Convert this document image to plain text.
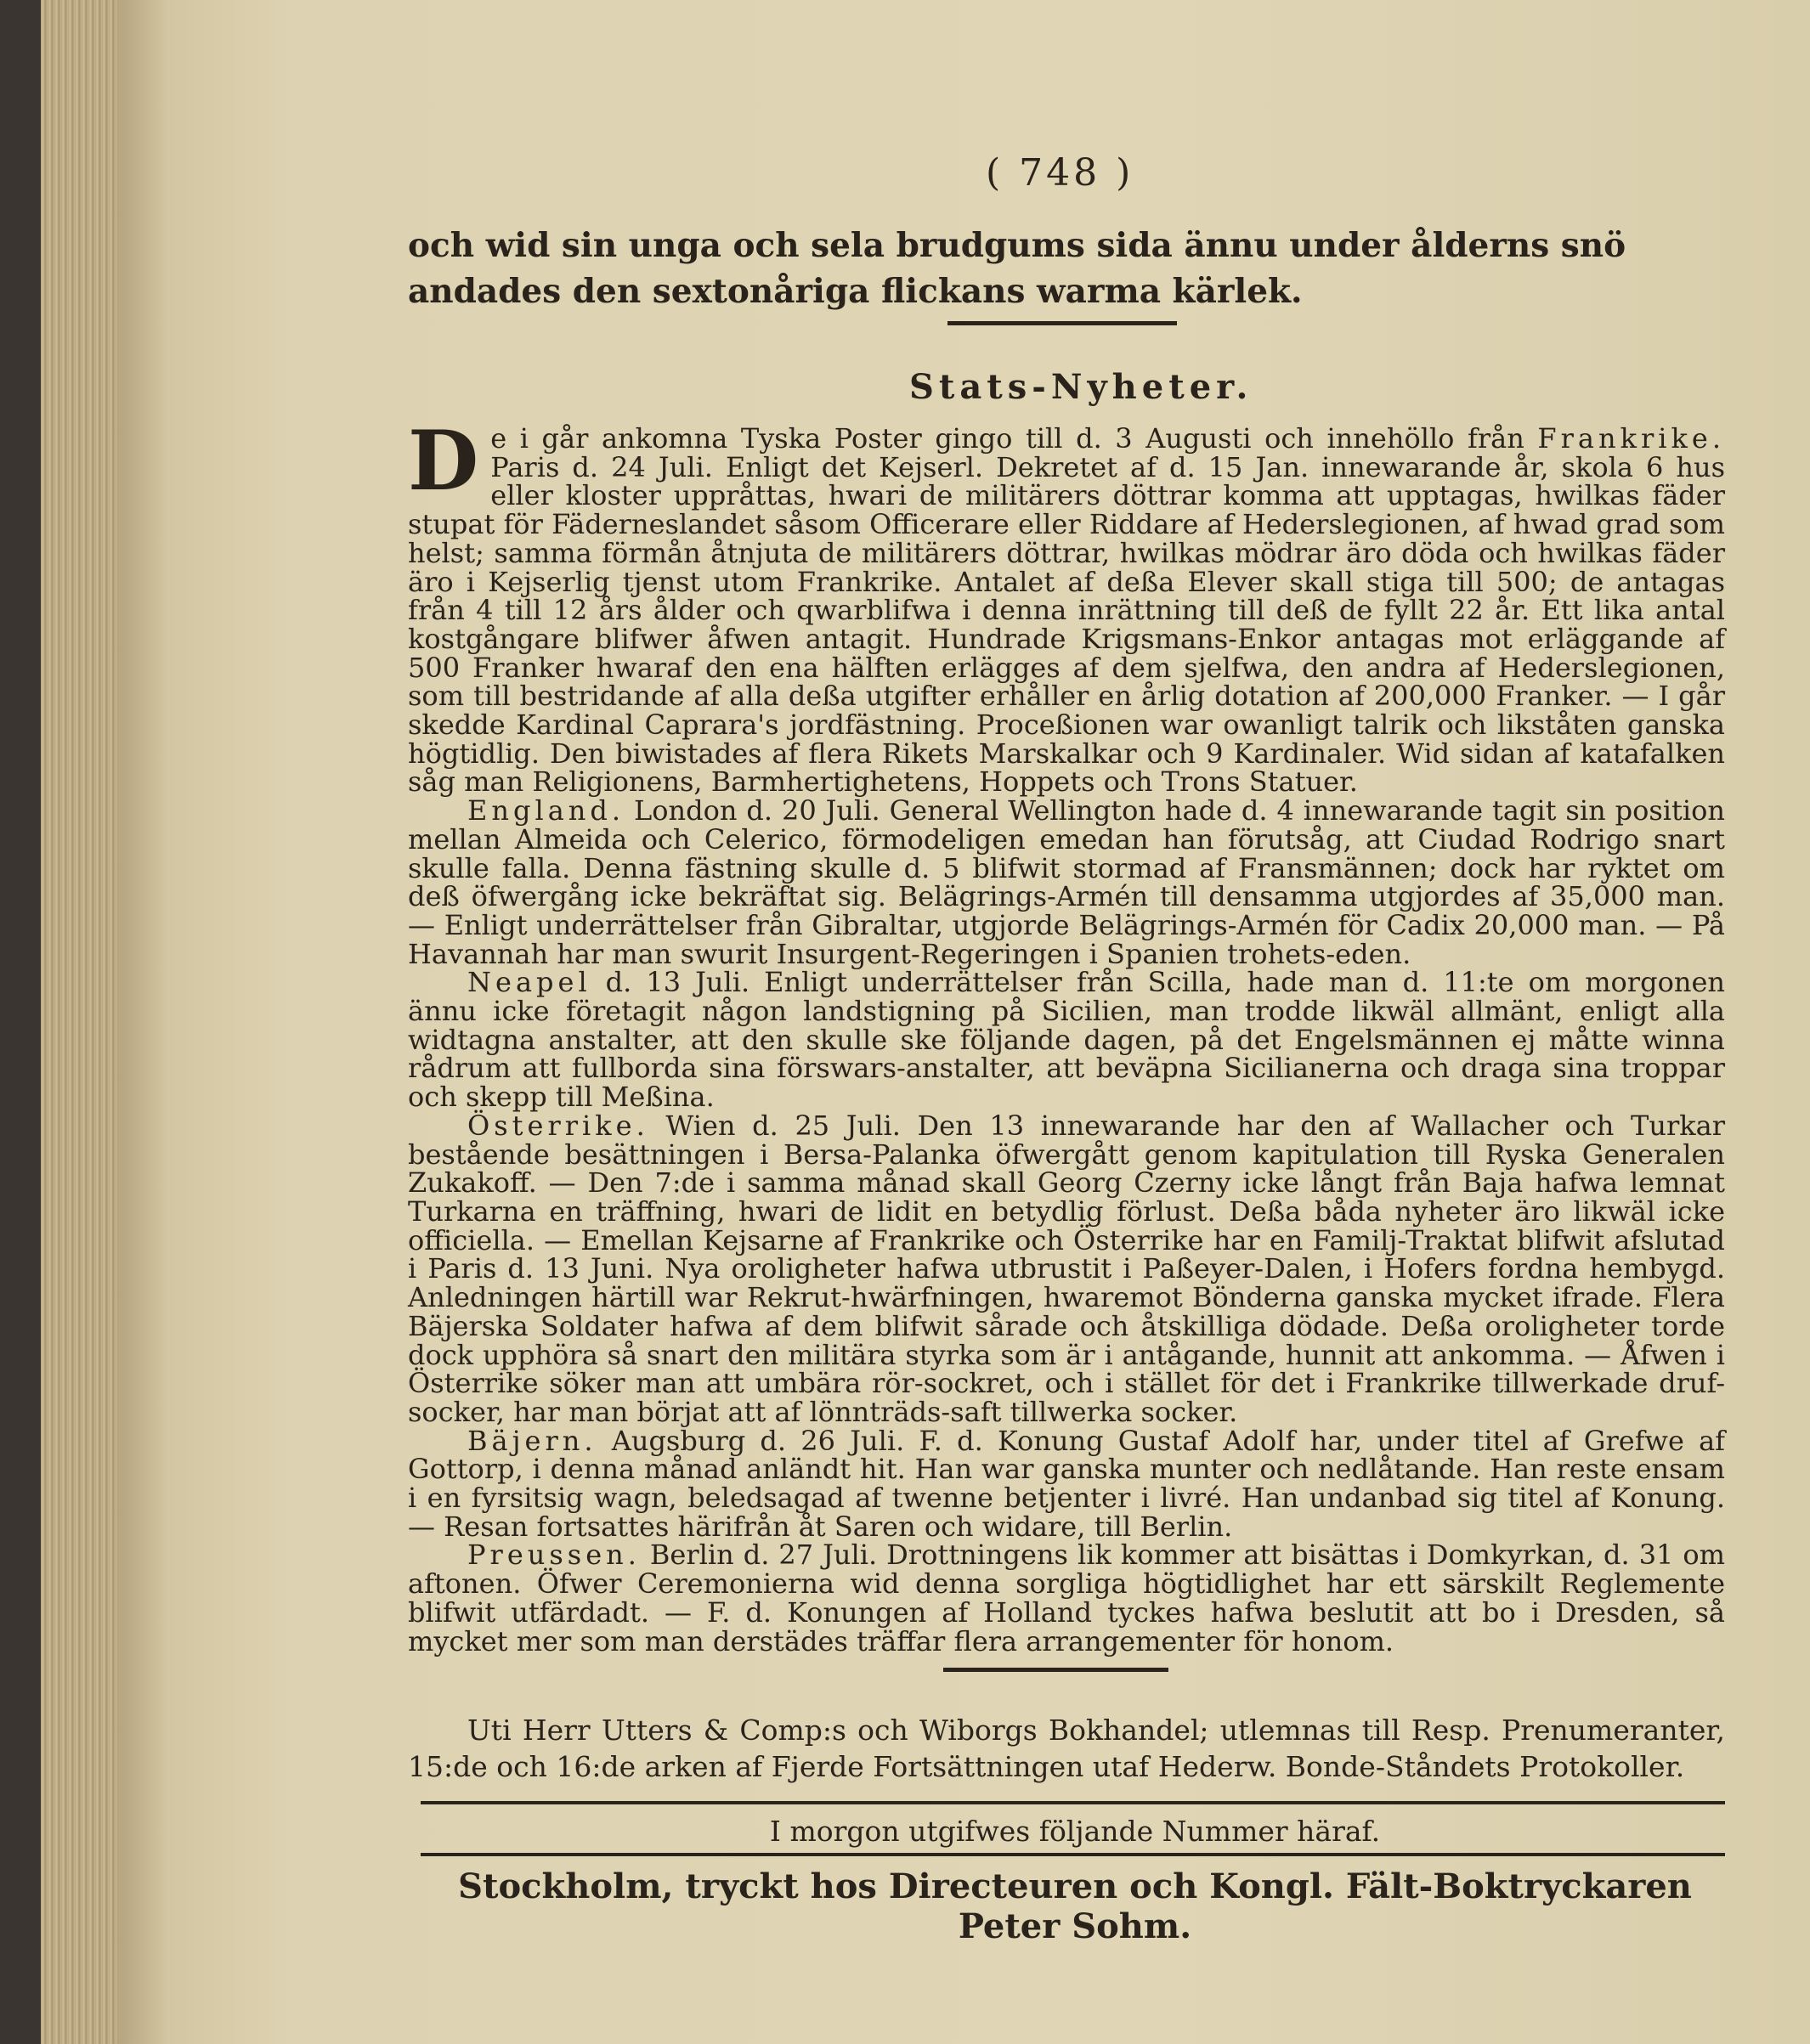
( 748 )
och wid sin unga och sela brudgums sida ännu under ålderns snö andades den sextonåriga flickans warma kärlek.
Stats-Nyheter.

De i går ankomna Tyska Poster gingo till d. 3 Augusti och innehöllo från Frankrike. Paris d. 24 Juli. Enligt det Kejserl. Dekretet af d. 15 Jan. innewarande år, skola 6 hus eller kloster uppråttas, hwari de militärers döttrar komma att upptagas, hwilkas fäder stupat för Fäderneslandet såsom Officerare eller Riddare af Hederslegionen, af hwad grad som helst; samma förmån åtnjuta de militärers döttrar, hwilkas mödrar äro döda och hwilkas fäder äro i Kejserlig tjenst utom Frankrike. Antalet af deßa Elever skall stiga till 500; de antagas från 4 till 12 års ålder och qwarblifwa i denna inrättning till deß de fyllt 22 år. Ett lika antal kostgångare blifwer åfwen antagit. Hundrade Krigsmans-Enkor antagas mot erläggande af 500 Franker hwaraf den ena hälften erlägges af dem sjelfwa, den andra af Hederslegionen, som till bestridande af alla deßa utgifter erhåller en årlig dotation af 200,000 Franker. — I går skedde Kardinal Caprara's jordfästning. Proceßionen war owanligt talrik och likståten ganska högtidlig. Den biwistades af flera Rikets Marskalkar och 9 Kardinaler. Wid sidan af katafalken såg man Religionens, Barmhertighetens, Hoppets och Trons Statuer.

England. London d. 20 Juli. General Wellington hade d. 4 innewarande tagit sin position mellan Almeida och Celerico, förmodeligen emedan han förutsåg, att Ciudad Rodrigo snart skulle falla. Denna fästning skulle d. 5 blifwit stormad af Fransmännen; dock har ryktet om deß öfwergång icke bekräftat sig. Belägrings-Armén till densamma utgjordes af 35,000 man. — Enligt underrättelser från Gibraltar, utgjorde Belägrings-Armén för Cadix 20,000 man. — På Havannah har man swurit Insurgent-Regeringen i Spanien trohets-eden.

Neapel d. 13 Juli. Enligt underrättelser från Scilla, hade man d. 11:te om morgonen ännu icke företagit någon landstigning på Sicilien, man trodde likwäl allmänt, enligt alla widtagna anstalter, att den skulle ske följande dagen, på det Engelsmännen ej måtte winna rådrum att fullborda sina förswars-anstalter, att beväpna Sicilianerna och draga sina troppar och skepp till Meßina.

Österrike. Wien d. 25 Juli. Den 13 innewarande har den af Wallacher och Turkar bestående besättningen i Bersa-Palanka öfwergått genom kapitulation till Ryska Generalen Zukakoff. — Den 7:de i samma månad skall Georg Czerny icke långt från Baja hafwa lemnat Turkarna en träffning, hwari de lidit en betydlig förlust. Deßa båda nyheter äro likwäl icke officiella. — Emellan Kejsarne af Frankrike och Österrike har en Familj-Traktat blifwit afslutad i Paris d. 13 Juni. Nya oroligheter hafwa utbrustit i Paßeyer-Dalen, i Hofers fordna hembygd. Anledningen härtill war Rekrut-hwärfningen, hwaremot Bönderna ganska mycket ifrade. Flera Bäjerska Soldater hafwa af dem blifwit sårade och åtskilliga dödade. Deßa oroligheter torde dock upphöra så snart den militära styrka som är i antågande, hunnit att ankomma. — Åfwen i Österrike söker man att umbära rör-sockret, och i stället för det i Frankrike tillwerkade druf-socker, har man börjat att af lönnträds-saft tillwerka socker.

Bäjern. Augsburg d. 26 Juli. F. d. Konung Gustaf Adolf har, under titel af Grefwe af Gottorp, i denna månad anländt hit. Han war ganska munter och nedlåtande. Han reste ensam i en fyrsitsig wagn, beledsagad af twenne betjenter i livré. Han undanbad sig titel af Konung. — Resan fortsattes härifrån åt Saren och widare, till Berlin.

Preussen. Berlin d. 27 Juli. Drottningens lik kommer att bisättas i Domkyrkan, d. 31 om aftonen. Öfwer Ceremonierna wid denna sorgliga högtidlighet har ett särskilt Reglemente blifwit utfärdadt. — F. d. Konungen af Holland tyckes hafwa beslutit att bo i Dresden, så mycket mer som man derstädes träffar flera arrangementer för honom.

Uti Herr Utters & Comp:s och Wiborgs Bokhandel; utlemnas till Resp. Prenumeranter, 15:de och 16:de arken af Fjerde Fortsättningen utaf Hederw. Bonde-Ståndets Protokoller.

I morgon utgifwes följande Nummer häraf.
Stockholm, tryckt hos Directeuren och Kongl. Fält-Boktryckaren Peter Sohm.
